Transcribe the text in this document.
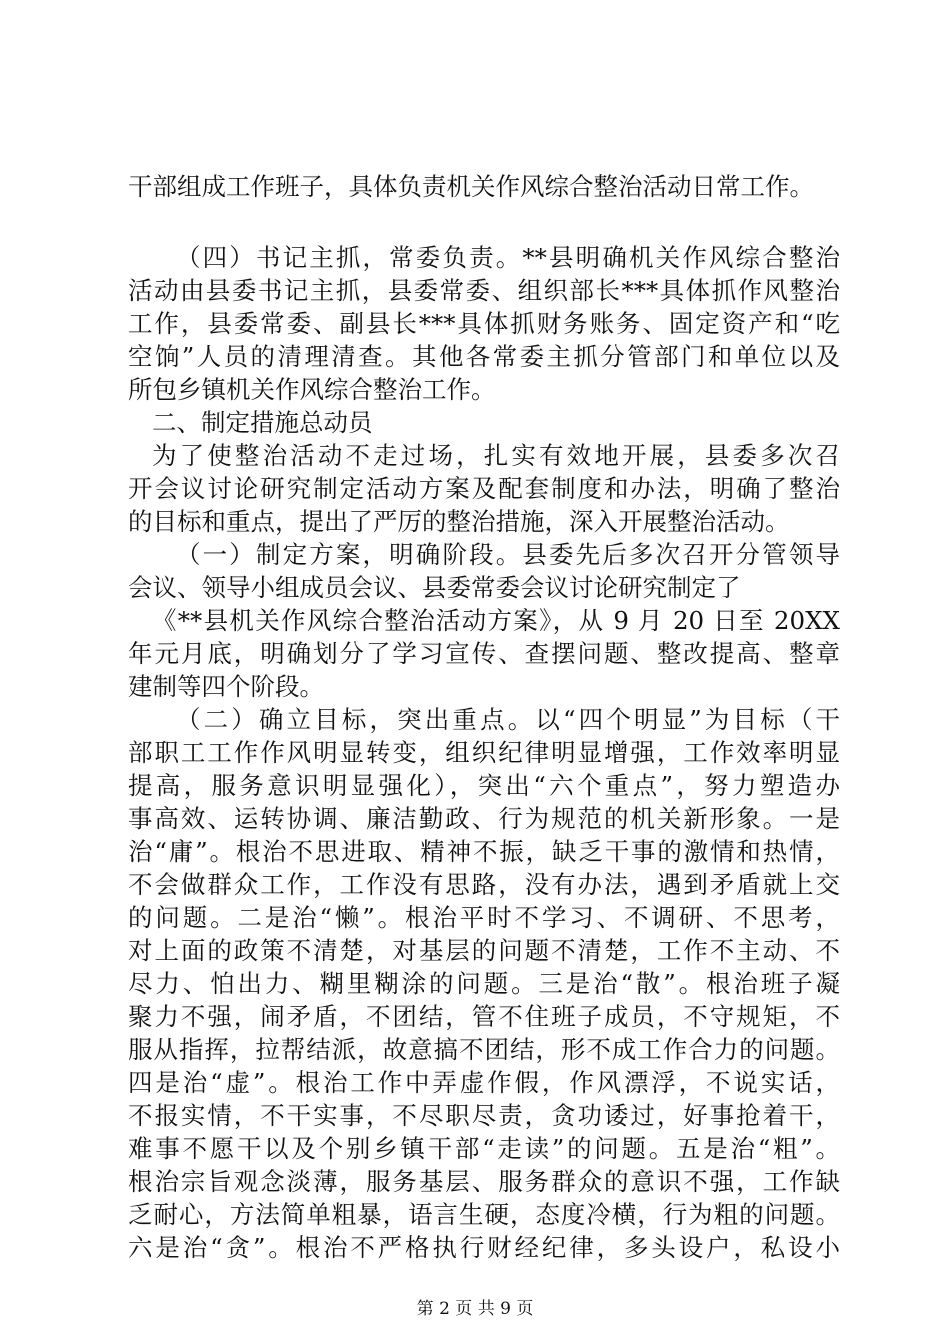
干部组成工作班子，具体负责机关作风综合整治活动日常工作。
（四）书记主抓，常委负责。**县明确机关作风综合整治
活动由县委书记主抓，县委常委、组织部长***具体抓作风整治
工作，县委常委、副县长***具体抓财务账务、固定资产和“吃
空饷”人员的清理清查。其他各常委主抓分管部门和单位以及
所包乡镇机关作风综合整治工作。
二、制定措施总动员
为了使整治活动不走过场，扎实有效地开展，县委多次召
开会议讨论研究制定活动方案及配套制度和办法，明确了整治
的目标和重点，提出了严厉的整治措施，深入开展整治活动。
（一）制定方案，明确阶段。县委先后多次召开分管领导
会议、领导小组成员会议、县委常委会议讨论研究制定了
《**县机关作风综合整治活动方案》，从 9 月 20 日至 20XX
年元月底，明确划分了学习宣传、查摆问题、整改提高、整章
建制等四个阶段。
（二）确立目标，突出重点。以“四个明显”为目标（干
部职工工作作风明显转变，组织纪律明显增强，工作效率明显
提高，服务意识明显强化），突出“六个重点”，努力塑造办
事高效、运转协调、廉洁勤政、行为规范的机关新形象。一是
治“庸”。根治不思进取、精神不振，缺乏干事的激情和热情，
不会做群众工作，工作没有思路，没有办法，遇到矛盾就上交
的问题。二是治“懒”。根治平时不学习、不调研、不思考，
对上面的政策不清楚，对基层的问题不清楚，工作不主动、不
尽力、怕出力、糊里糊涂的问题。三是治“散”。根治班子凝
聚力不强，闹矛盾，不团结，管不住班子成员，不守规矩，不
服从指挥，拉帮结派，故意搞不团结，形不成工作合力的问题。
四是治“虚”。根治工作中弄虚作假，作风漂浮，不说实话，
不报实情，不干实事，不尽职尽责，贪功诿过，好事抢着干，
难事不愿干以及个别乡镇干部“走读”的问题。五是治“粗”。
根治宗旨观念淡薄，服务基层、服务群众的意识不强，工作缺
乏耐心，方法简单粗暴，语言生硬，态度冷横，行为粗的问题。
六是治“贪”。根治不严格执行财经纪律，多头设户，私设小
第 2 页 共 9 页
